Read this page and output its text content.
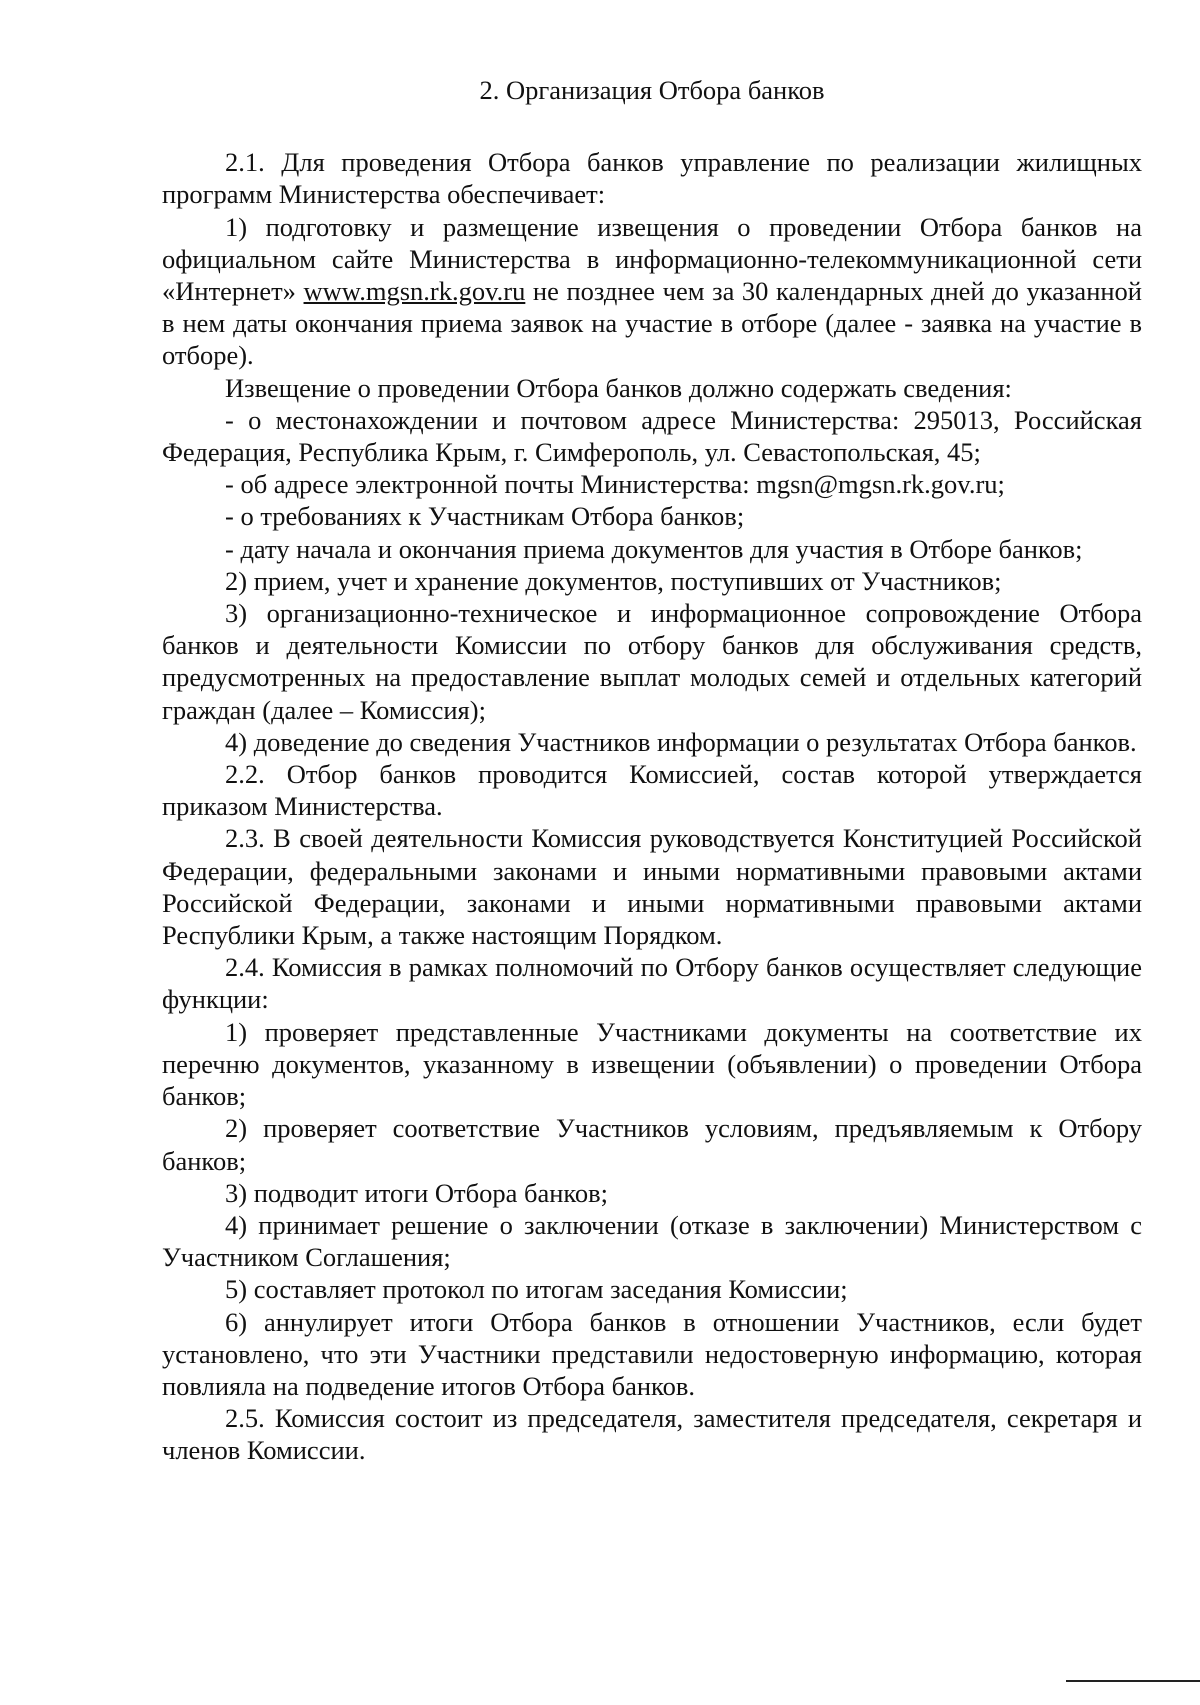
2. Организация Отбора банков

2.1. Для проведения Отбора банков управление по реализации жилищных программ Министерства обеспечивает:

1) подготовку и размещение извещения о проведении Отбора банков на официальном сайте Министерства в информационно-телекоммуникационной сети «Интернет» www.mgsn.rk.gov.ru не позднее чем за 30 календарных дней до указанной в нем даты окончания приема заявок на участие в отборе (далее - заявка на участие в отборе).

Извещение о проведении Отбора банков должно содержать сведения:

- о местонахождении и почтовом адресе Министерства: 295013, Российская Федерация, Республика Крым, г. Симферополь, ул. Севастопольская, 45;

- об адресе электронной почты Министерства: mgsn@mgsn.rk.gov.ru;

- о требованиях к Участникам Отбора банков;

- дату начала и окончания приема документов для участия в Отборе банков;

2) прием, учет и хранение документов, поступивших от Участников;

3) организационно-техническое и информационное сопровождение Отбора банков и деятельности Комиссии по отбору банков для обслуживания средств, предусмотренных на предоставление выплат молодых семей и отдельных категорий граждан (далее – Комиссия);

4) доведение до сведения Участников информации о результатах Отбора банков.

2.2. Отбор банков проводится Комиссией, состав которой утверждается приказом Министерства.

2.3. В своей деятельности Комиссия руководствуется Конституцией Российской Федерации, федеральными законами и иными нормативными правовыми актами Российской Федерации, законами и иными нормативными правовыми актами Республики Крым, а также настоящим Порядком.

2.4. Комиссия в рамках полномочий по Отбору банков осуществляет следующие функции:

1) проверяет представленные Участниками документы на соответствие их перечню документов, указанному в извещении (объявлении) о проведении Отбора банков;

2) проверяет соответствие Участников условиям, предъявляемым к Отбору банков;

3) подводит итоги Отбора банков;

4) принимает решение о заключении (отказе в заключении) Министерством с Участником Соглашения;

5) составляет протокол по итогам заседания Комиссии;

6) аннулирует итоги Отбора банков в отношении Участников, если будет установлено, что эти Участники представили недостоверную информацию, которая повлияла на подведение итогов Отбора банков.

2.5. Комиссия состоит из председателя, заместителя председателя, секретаря и членов Комиссии.
